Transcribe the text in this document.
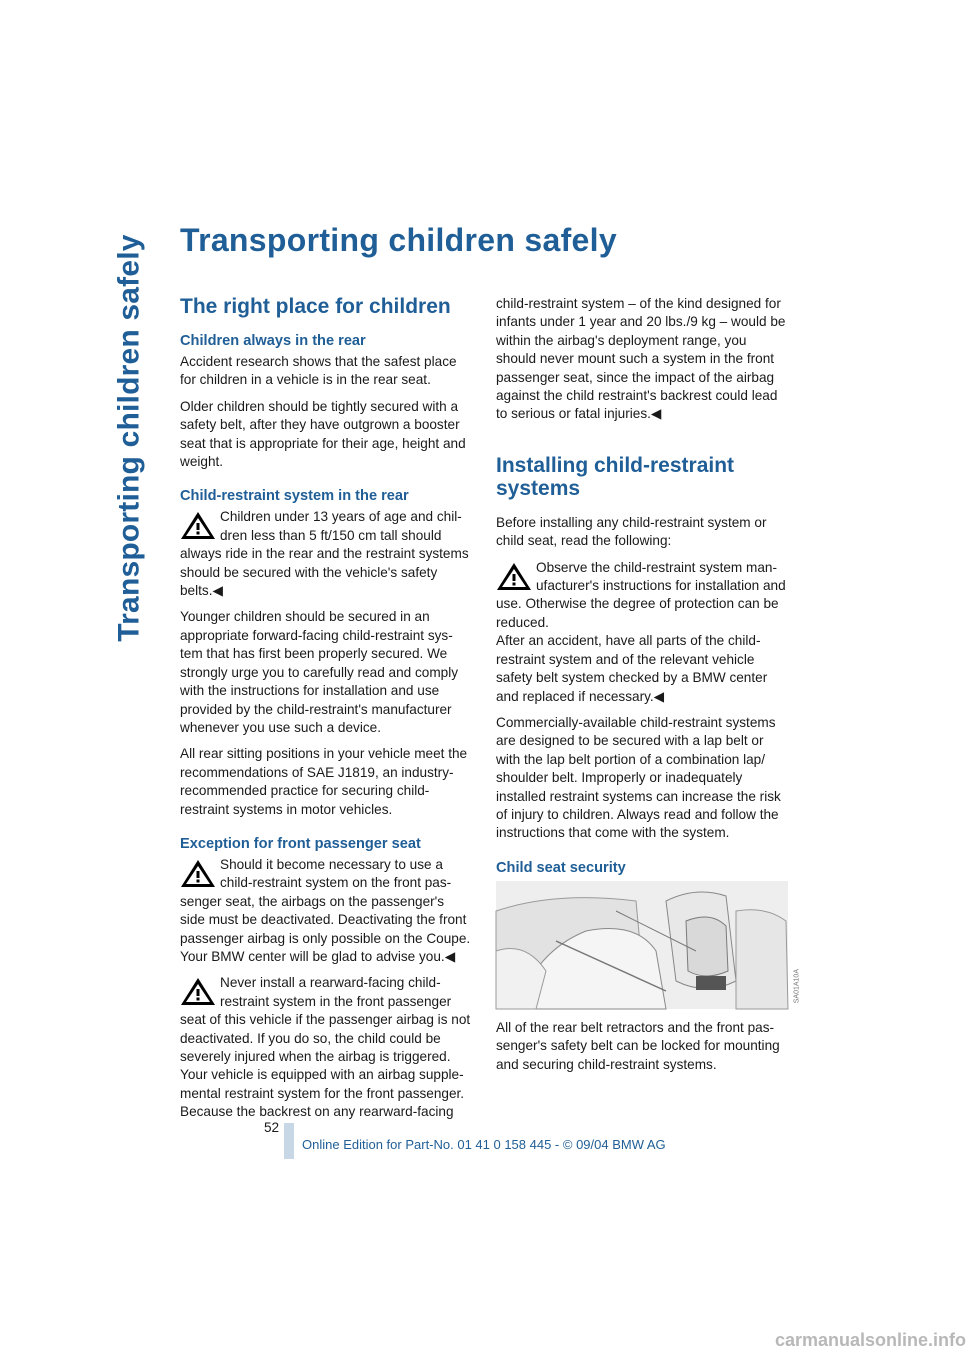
Transporting children safely Transporting children safely
The right place for children
Children always in the rear

Accident research shows that the safest place for children in a vehicle is in the rear seat.

Older children should be tightly secured with a safety belt, after they have outgrown a booster seat that is appropriate for their age, height and weight.

Child-restraint system in the rear

Children under 13 years of age and chil-dren less than 5 ft/150 cm tall should always ride in the rear and the restraint systems should be secured with the vehicle's safety belts.◀

Younger children should be secured in an appropriate forward-facing child-restraint sys-tem that has first been properly secured. We strongly urge you to carefully read and comply with the instructions for installation and use provided by the child-restraint's manufacturer whenever you use such a device.

All rear sitting positions in your vehicle meet the recommendations of SAE J1819, an industry-recommended practice for securing child-restraint systems in motor vehicles.

Exception for front passenger seat

Should it become necessary to use a child-restraint system on the front pas-senger seat, the airbags on the passenger's side must be deactivated. Deactivating the front passenger airbag is only possible on the Coupe. Your BMW center will be glad to advise you.◀

Never install a rearward-facing child-restraint system in the front passenger seat of this vehicle if the passenger airbag is not deactivated. If you do so, the child could be severely injured when the airbag is triggered. Your vehicle is equipped with an airbag supple-mental restraint system for the front passenger. Because the backrest on any rearward-facing

child-restraint system – of the kind designed for infants under 1 year and 20 lbs./9 kg – would be within the airbag's deployment range, you should never mount such a system in the front passenger seat, since the impact of the airbag against the child restraint's backrest could lead to serious or fatal injuries.◀

Installing child-restraint systems

Before installing any child-restraint system or child seat, read the following:

Observe the child-restraint system man-ufacturer's instructions for installation and use. Otherwise the degree of protection can be reduced.

After an accident, have all parts of the child-restraint system and of the relevant vehicle safety belt system checked by a BMW center and replaced if necessary.◀

Commercially-available child-restraint systems are designed to be secured with a lap belt or with the lap belt portion of a combination lap/ shoulder belt. Improperly or inadequately installed restraint systems can increase the risk of injury to children. Always read and follow the instructions that come with the system.

Child seat security
SA01A10A

All of the rear belt retractors and the front pas-senger's safety belt can be locked for mounting and securing child-restraint systems.

52
Online Edition for Part-No. 01 41 0 158 445 - © 09/04 BMW AG
carmanualsonline.info
